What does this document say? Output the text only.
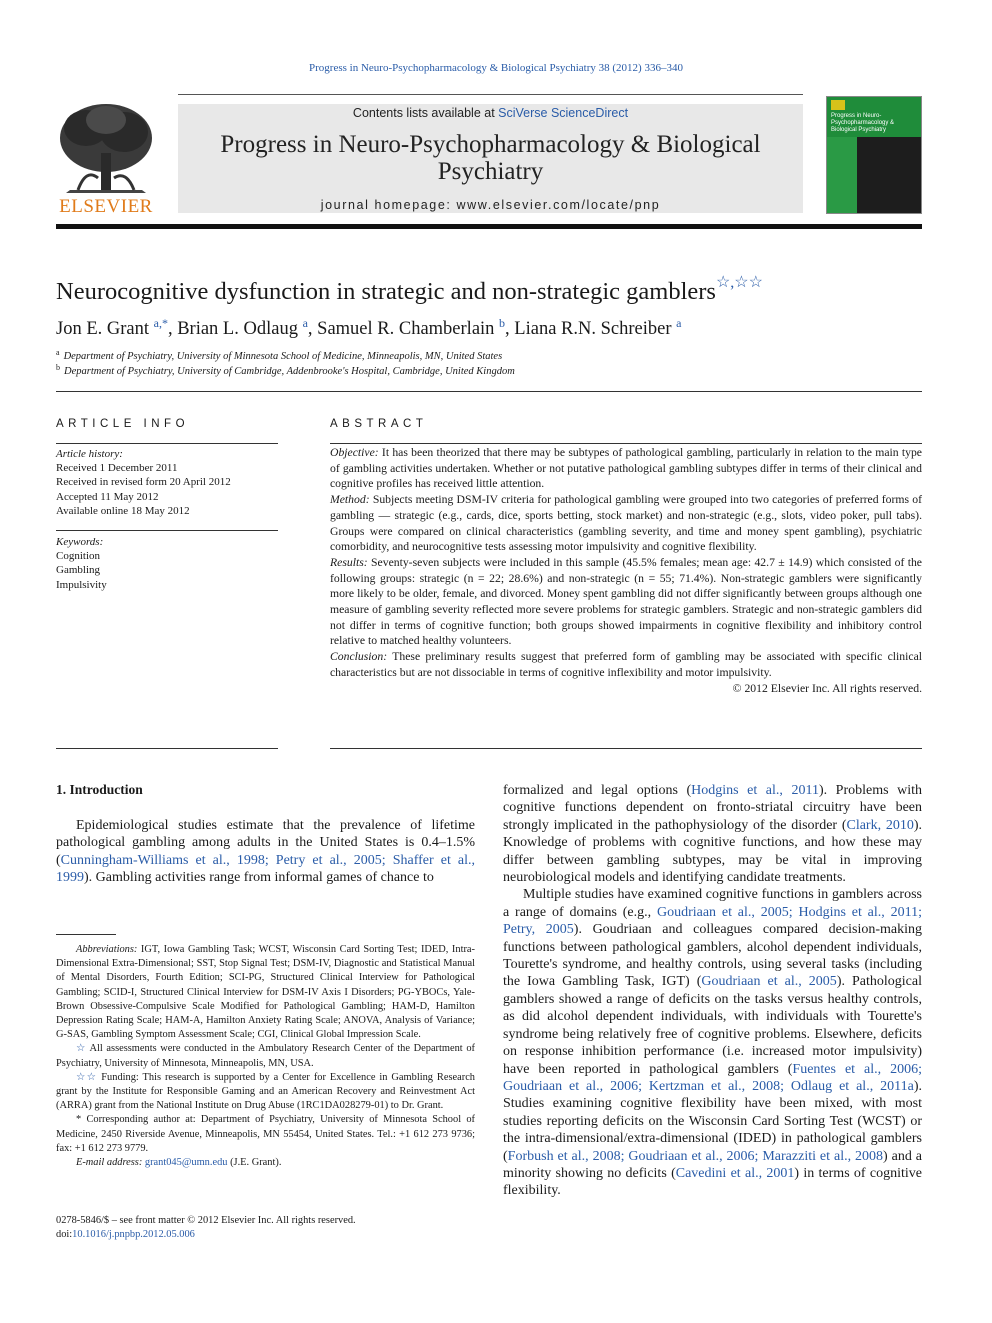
Progress in Neuro-Psychopharmacology & Biological Psychiatry 38 (2012) 336–340
ELSEVIER
Contents lists available at SciVerse ScienceDirect
Progress in Neuro-Psychopharmacology & Biological Psychiatry
journal homepage: www.elsevier.com/locate/pnp
Progress in Neuro-Psychopharmacology & Biological Psychiatry
Neurocognitive dysfunction in strategic and non-strategic gamblers☆,☆☆
Jon E. Grant $^{a,*}$, Brian L. Odlaug $^a$, Samuel R. Chamberlain $^b$, Liana R.N. Schreiber $^a$
$^a$ Department of Psychiatry, University of Minnesota School of Medicine, Minneapolis, MN, United States
$^b$ Department of Psychiatry, University of Cambridge, Addenbrooke's Hospital, Cambridge, United Kingdom
ARTICLE INFO
Article history:
Received 1 December 2011
Received in revised form 20 April 2012
Accepted 11 May 2012
Available online 18 May 2012
Keywords:
Cognition
Gambling
Impulsivity
ABSTRACT

Objective: It has been theorized that there may be subtypes of pathological gambling, particularly in relation to the main type of gambling activities undertaken. Whether or not putative pathological gambling subtypes differ in terms of their clinical and cognitive profiles has received little attention.

Method: Subjects meeting DSM-IV criteria for pathological gambling were grouped into two categories of preferred forms of gambling — strategic (e.g., cards, dice, sports betting, stock market) and non-strategic (e.g., slots, video poker, pull tabs). Groups were compared on clinical characteristics (gambling severity, and time and money spent gambling), psychiatric comorbidity, and neurocognitive tests assessing motor impulsivity and cognitive flexibility.

Results: Seventy-seven subjects were included in this sample (45.5% females; mean age: 42.7 ± 14.9) which consisted of the following groups: strategic (n = 22; 28.6%) and non-strategic (n = 55; 71.4%). Non-strategic gamblers were significantly more likely to be older, female, and divorced. Money spent gambling did not differ significantly between groups although one measure of gambling severity reflected more severe problems for strategic gamblers. Strategic and non-strategic gamblers did not differ in terms of cognitive function; both groups showed impairments in cognitive flexibility and inhibitory control relative to matched healthy volunteers.

Conclusion: These preliminary results suggest that preferred form of gambling may be associated with specific clinical characteristics but are not dissociable in terms of cognitive inflexibility and motor impulsivity.

© 2012 Elsevier Inc. All rights reserved.

1. Introduction

Epidemiological studies estimate that the prevalence of lifetime pathological gambling among adults in the United States is 0.4–1.5% (Cunningham-Williams et al., 1998; Petry et al., 2005; Shaffer et al., 1999). Gambling activities range from informal games of chance to

formalized and legal options (Hodgins et al., 2011). Problems with cognitive functions dependent on fronto-striatal circuitry have been strongly implicated in the pathophysiology of the disorder (Clark, 2010). Knowledge of problems with cognitive functions, and how these may differ between gambling subtypes, may be vital in improving neurobiological models and identifying candidate treatments.

Multiple studies have examined cognitive functions in gamblers across a range of domains (e.g., Goudriaan et al., 2005; Hodgins et al., 2011; Petry, 2005). Goudriaan and colleagues compared decision-making functions between pathological gamblers, alcohol dependent individuals, Tourette's syndrome, and healthy controls, using several tasks (including the Iowa Gambling Task, IGT) (Goudriaan et al., 2005). Pathological gamblers showed a range of deficits on the tasks versus healthy controls, as did alcohol dependent individuals, with individuals with Tourette's syndrome being relatively free of cognitive problems. Elsewhere, deficits on response inhibition performance (i.e. increased motor impulsivity) have been reported in pathological gamblers (Fuentes et al., 2006; Goudriaan et al., 2006; Kertzman et al., 2008; Odlaug et al., 2011a). Studies examining cognitive flexibility have been mixed, with most studies reporting deficits on the Wisconsin Card Sorting Test (WCST) or the intra-dimensional/extra-dimensional (IDED) in pathological gamblers (Forbush et al., 2008; Goudriaan et al., 2006; Marazziti et al., 2008) and a minority showing no deficits (Cavedini et al., 2001) in terms of cognitive flexibility.

Abbreviations: IGT, Iowa Gambling Task; WCST, Wisconsin Card Sorting Test; IDED, Intra-Dimensional Extra-Dimensional; SST, Stop Signal Test; DSM-IV, Diagnostic and Statistical Manual of Mental Disorders, Fourth Edition; SCI-PG, Structured Clinical Interview for Pathological Gambling; SCID-I, Structured Clinical Interview for DSM-IV Axis I Disorders; PG-YBOCs, Yale-Brown Obsessive-Compulsive Scale Modified for Pathological Gambling; HAM-D, Hamilton Depression Rating Scale; HAM-A, Hamilton Anxiety Rating Scale; ANOVA, Analysis of Variance; G-SAS, Gambling Symptom Assessment Scale; CGI, Clinical Global Impression Scale.

☆ All assessments were conducted in the Ambulatory Research Center of the Department of Psychiatry, University of Minnesota, Minneapolis, MN, USA.

☆☆ Funding: This research is supported by a Center for Excellence in Gambling Research grant by the Institute for Responsible Gaming and an American Recovery and Reinvestment Act (ARRA) grant from the National Institute on Drug Abuse (1RC1DA028279-01) to Dr. Grant.

* Corresponding author at: Department of Psychiatry, University of Minnesota School of Medicine, 2450 Riverside Avenue, Minneapolis, MN 55454, United States. Tel.: +1 612 273 9736; fax: +1 612 273 9779.

E-mail address: grant045@umn.edu (J.E. Grant).

0278-5846/$ – see front matter © 2012 Elsevier Inc. All rights reserved.
doi:10.1016/j.pnpbp.2012.05.006
